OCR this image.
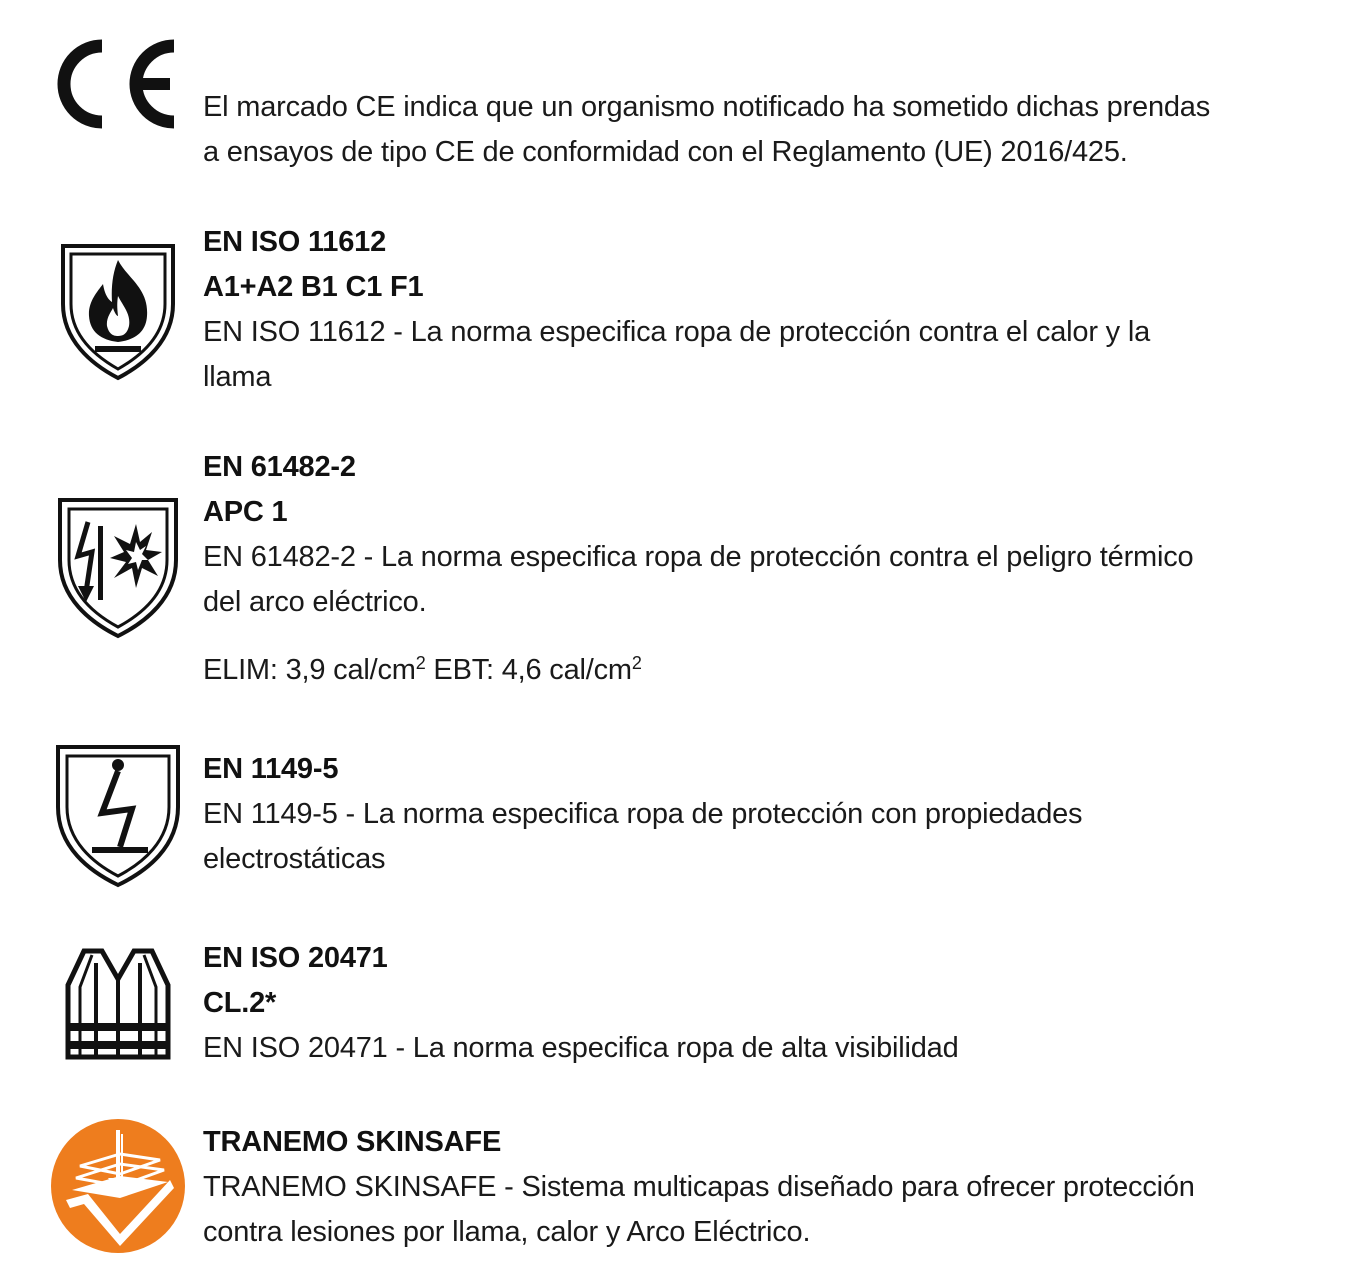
El marcado CE indica que un organismo notificado ha sometido dichas prendas
a ensayos de tipo CE de conformidad con el Reglamento (UE) 2016/425.
EN ISO 11612
A1+A2 B1 C1 F1
EN ISO 11612 - La norma especifica ropa de protección contra el calor y la
llama
EN 61482-2
APC 1
EN 61482-2 - La norma especifica ropa de protección contra el peligro térmico
del arco eléctrico.
ELIM: 3,9 cal/$cm^2$ EBT: 4,6 cal/$cm^2$
EN 1149-5
EN 1149-5 - La norma especifica ropa de protección con propiedades
electrostáticas
EN ISO 20471
CL.2*
EN ISO 20471 - La norma especifica ropa de alta visibilidad
TRANEMO SKINSAFE
TRANEMO SKINSAFE - Sistema multicapas diseñado para ofrecer protección
contra lesiones por llama, calor y Arco Eléctrico.
